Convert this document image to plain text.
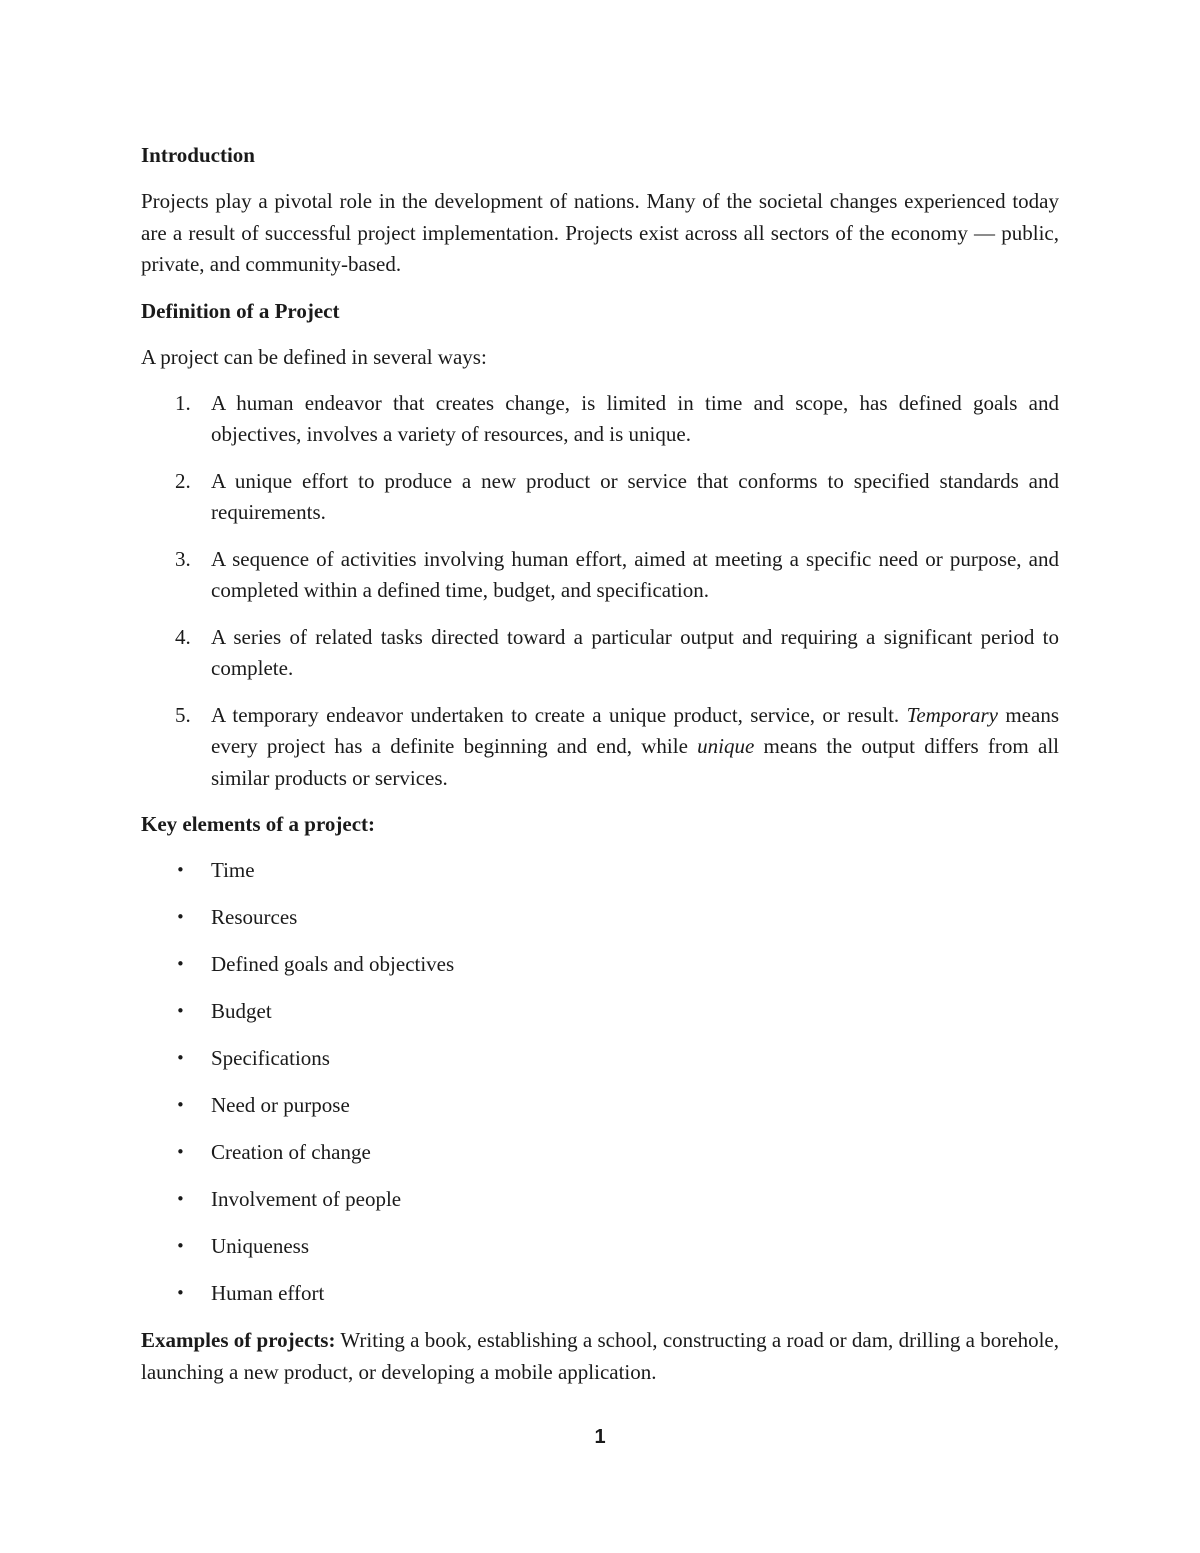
Introduction

Projects play a pivotal role in the development of nations. Many of the societal changes experienced today are a result of successful project implementation. Projects exist across all sectors of the economy — public, private, and community-based.

Definition of a Project

A project can be defined in several ways:

1. A human endeavor that creates change, is limited in time and scope, has defined goals and objectives, involves a variety of resources, and is unique.
2. A unique effort to produce a new product or service that conforms to specified standards and requirements.
3. A sequence of activities involving human effort, aimed at meeting a specific need or purpose, and completed within a defined time, budget, and specification.
4. A series of related tasks directed toward a particular output and requiring a significant period to complete.
5. A temporary endeavor undertaken to create a unique product, service, or result. Temporary means every project has a definite beginning and end, while unique means the output differs from all similar products or services.
Key elements of a project:
• Time
• Resources
• Defined goals and objectives
• Budget
• Specifications
• Need or purpose
• Creation of change
• Involvement of people
• Uniqueness
• Human effort

Examples of projects: Writing a book, establishing a school, constructing a road or dam, drilling a borehole, launching a new product, or developing a mobile application.

1
